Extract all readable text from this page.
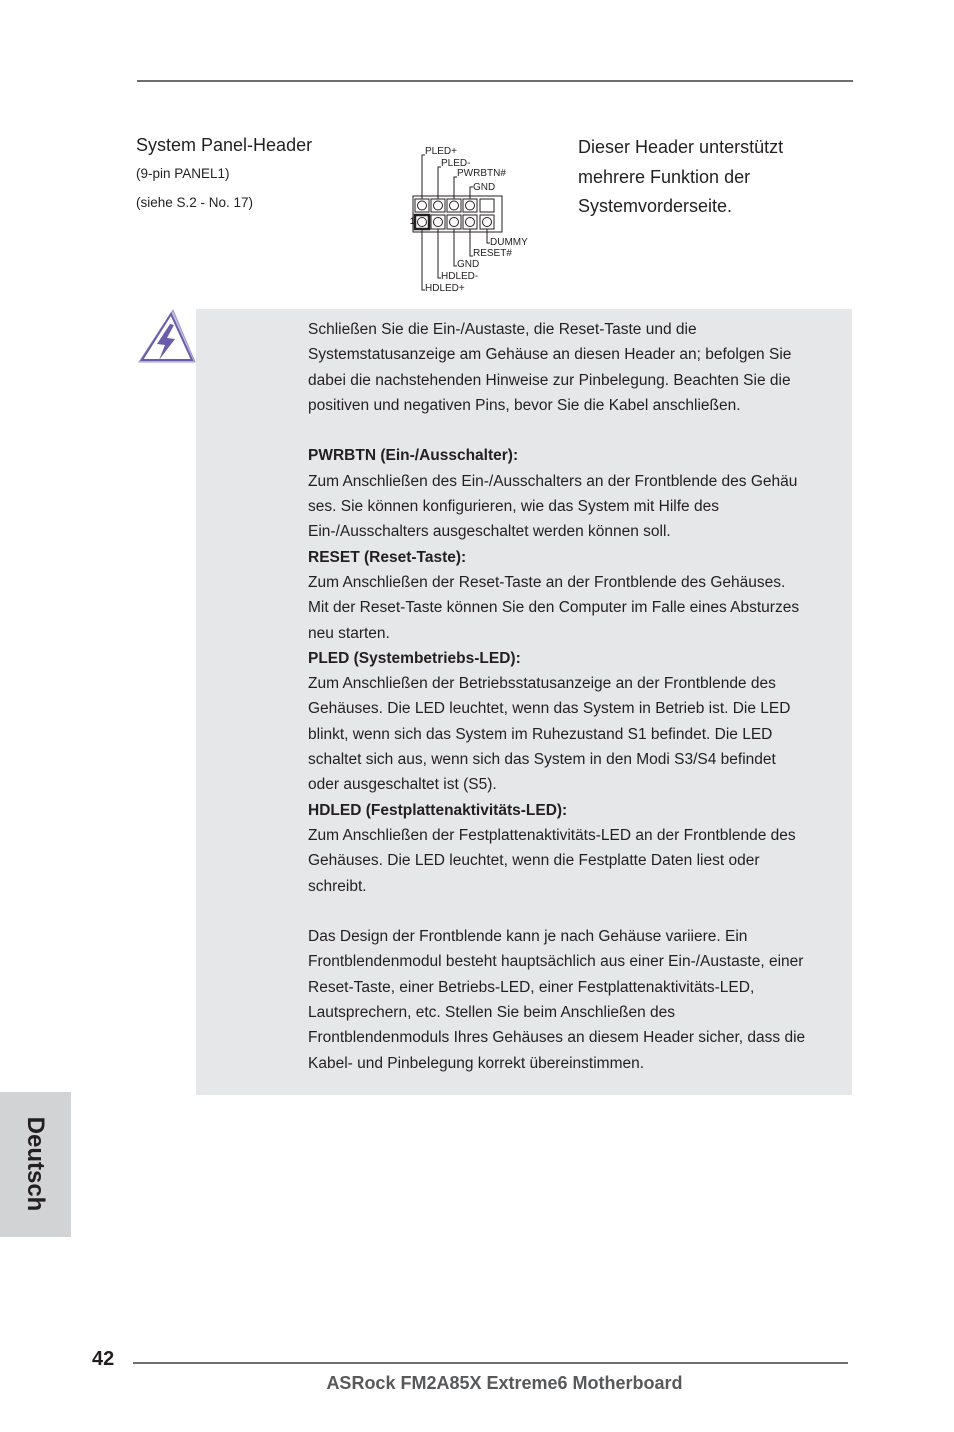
System Panel-Header
(9-pin PANEL1)
(siehe S.2 - No. 17)
Dieser Header unterstützt
mehrere Funktion der
Systemvorderseite.
1
PLED+
PLED-
PWRBTN#
GND
DUMMY
RESET#
GND
HDLED-
HDLED+

Schließen Sie die Ein-/Austaste, die Reset-Taste und die

Systemstatusanzeige am Gehäuse an diesen Header an; befolgen Sie

dabei die nachstehenden Hinweise zur Pinbelegung. Beachten Sie die

positiven und negativen Pins, bevor Sie die Kabel anschließen.

PWRBTN (Ein-/Ausschalter):

Zum Anschließen des Ein-/Ausschalters an der Frontblende des Gehäu

ses. Sie können konfigurieren, wie das System mit Hilfe des

Ein-/Ausschalters ausgeschaltet werden können soll.

RESET (Reset-Taste):

Zum Anschließen der Reset-Taste an der Frontblende des Gehäuses.

Mit der Reset-Taste können Sie den Computer im Falle eines Absturzes

neu starten.

PLED (Systembetriebs-LED):

Zum Anschließen der Betriebsstatusanzeige an der Frontblende des

Gehäuses. Die LED leuchtet, wenn das System in Betrieb ist. Die LED

blinkt, wenn sich das System im Ruhezustand S1 befindet. Die LED

schaltet sich aus, wenn sich das System in den Modi S3/S4 befindet

oder ausgeschaltet ist (S5).

HDLED (Festplattenaktivitäts-LED):

Zum Anschließen der Festplattenaktivitäts-LED an der Frontblende des

Gehäuses. Die LED leuchtet, wenn die Festplatte Daten liest oder

schreibt.

Das Design der Frontblende kann je nach Gehäuse variiere. Ein

Frontblendenmodul besteht hauptsächlich aus einer Ein-/Austaste, einer

Reset-Taste, einer Betriebs-LED, einer Festplattenaktivitäts-LED,

Lautsprechern, etc. Stellen Sie beim Anschließen des

Frontblendenmoduls Ihres Gehäuses an diesem Header sicher, dass die

Kabel- und Pinbelegung korrekt übereinstimmen.

Deutsch
42
ASRock FM2A85X Extreme6 Motherboard
